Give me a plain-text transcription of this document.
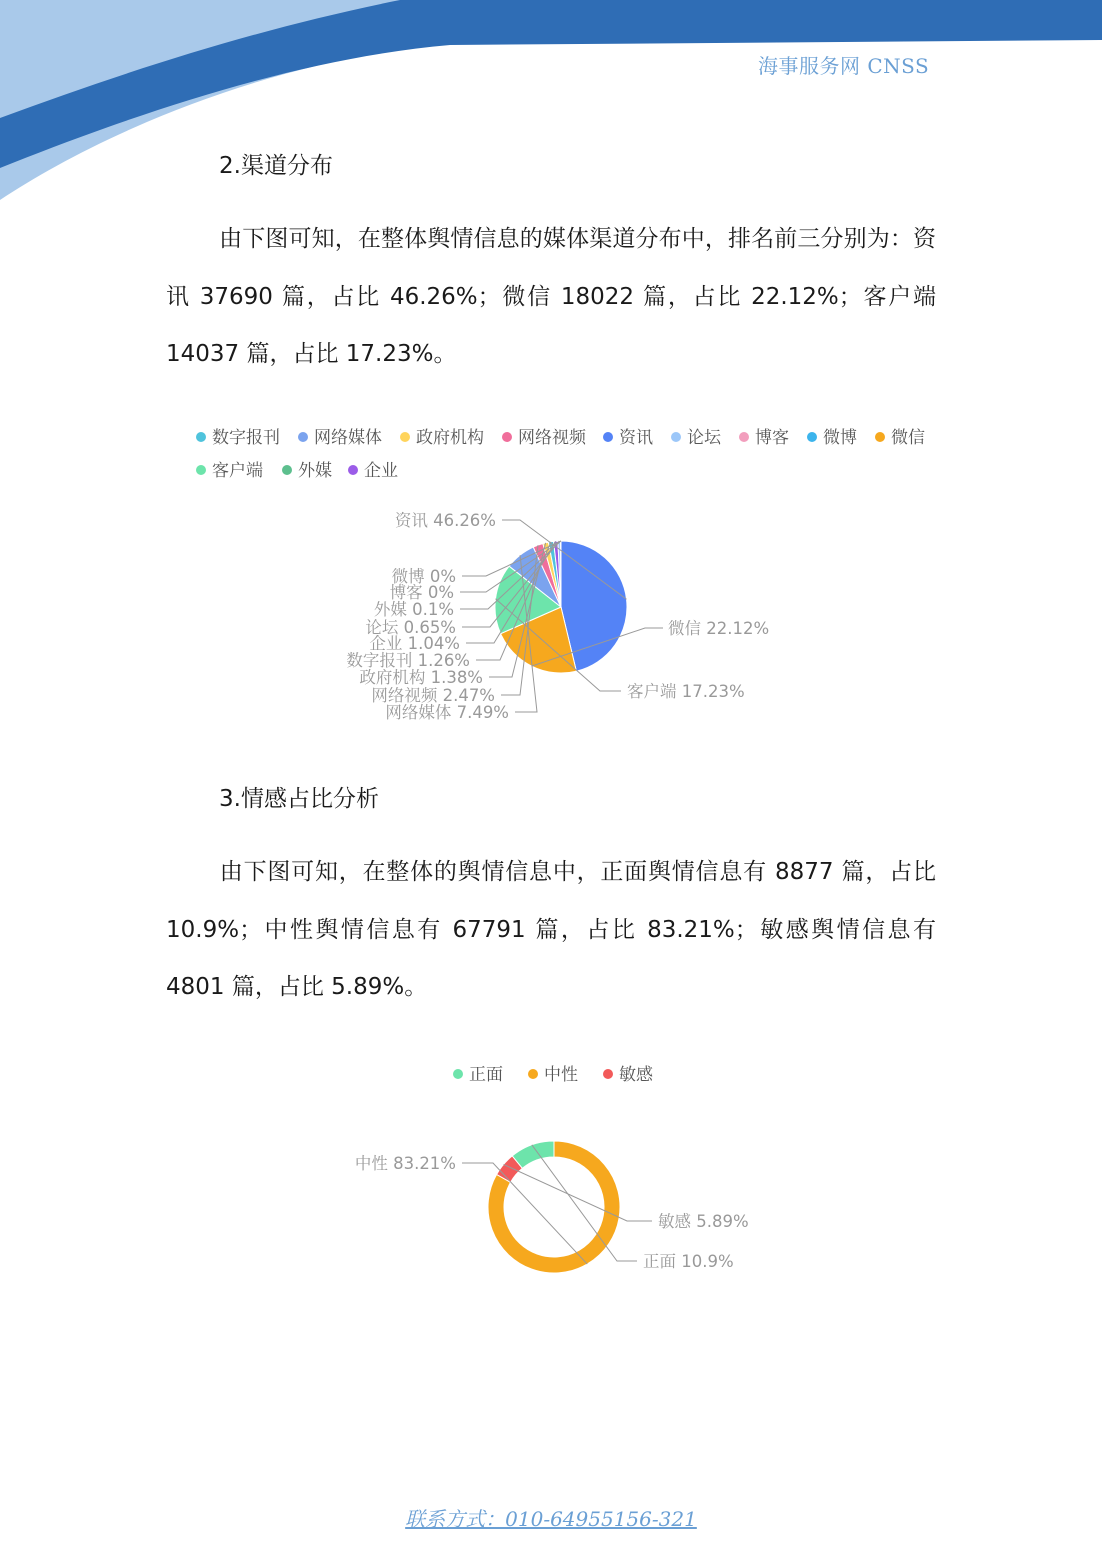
海事服务网 CNSS
2.渠道分布

由下图可知，在整体舆情信息的媒体渠道分布中，排名前三分别为：资讯 37690 篇，占比 46.26%；微信 18022 篇，占比 22.12%；客户端 14037 篇，占比 17.23%。

数字报刊 网络媒体 政府机构 网络视频 资讯 论坛 博客 微博 微信
客户端 外媒 企业
资讯 46.26%
微信 22.12%
客户端 17.23%
网络媒体 7.49%
网络视频 2.47%
政府机构 1.38%
数字报刊 1.26%
企业 1.04%
论坛 0.65%
外媒 0.1%
博客 0%
微博 0%
3.情感占比分析

由下图可知，在整体的舆情信息中，正面舆情信息有 8877 篇，占比 10.9%；中性舆情信息有 67791 篇，占比 83.21%；敏感舆情信息有 4801 篇，占比 5.89%。

正面 中性 敏感
中性 83.21%
敏感 5.89%
正面 10.9%
联系方式：010-64955156-321
